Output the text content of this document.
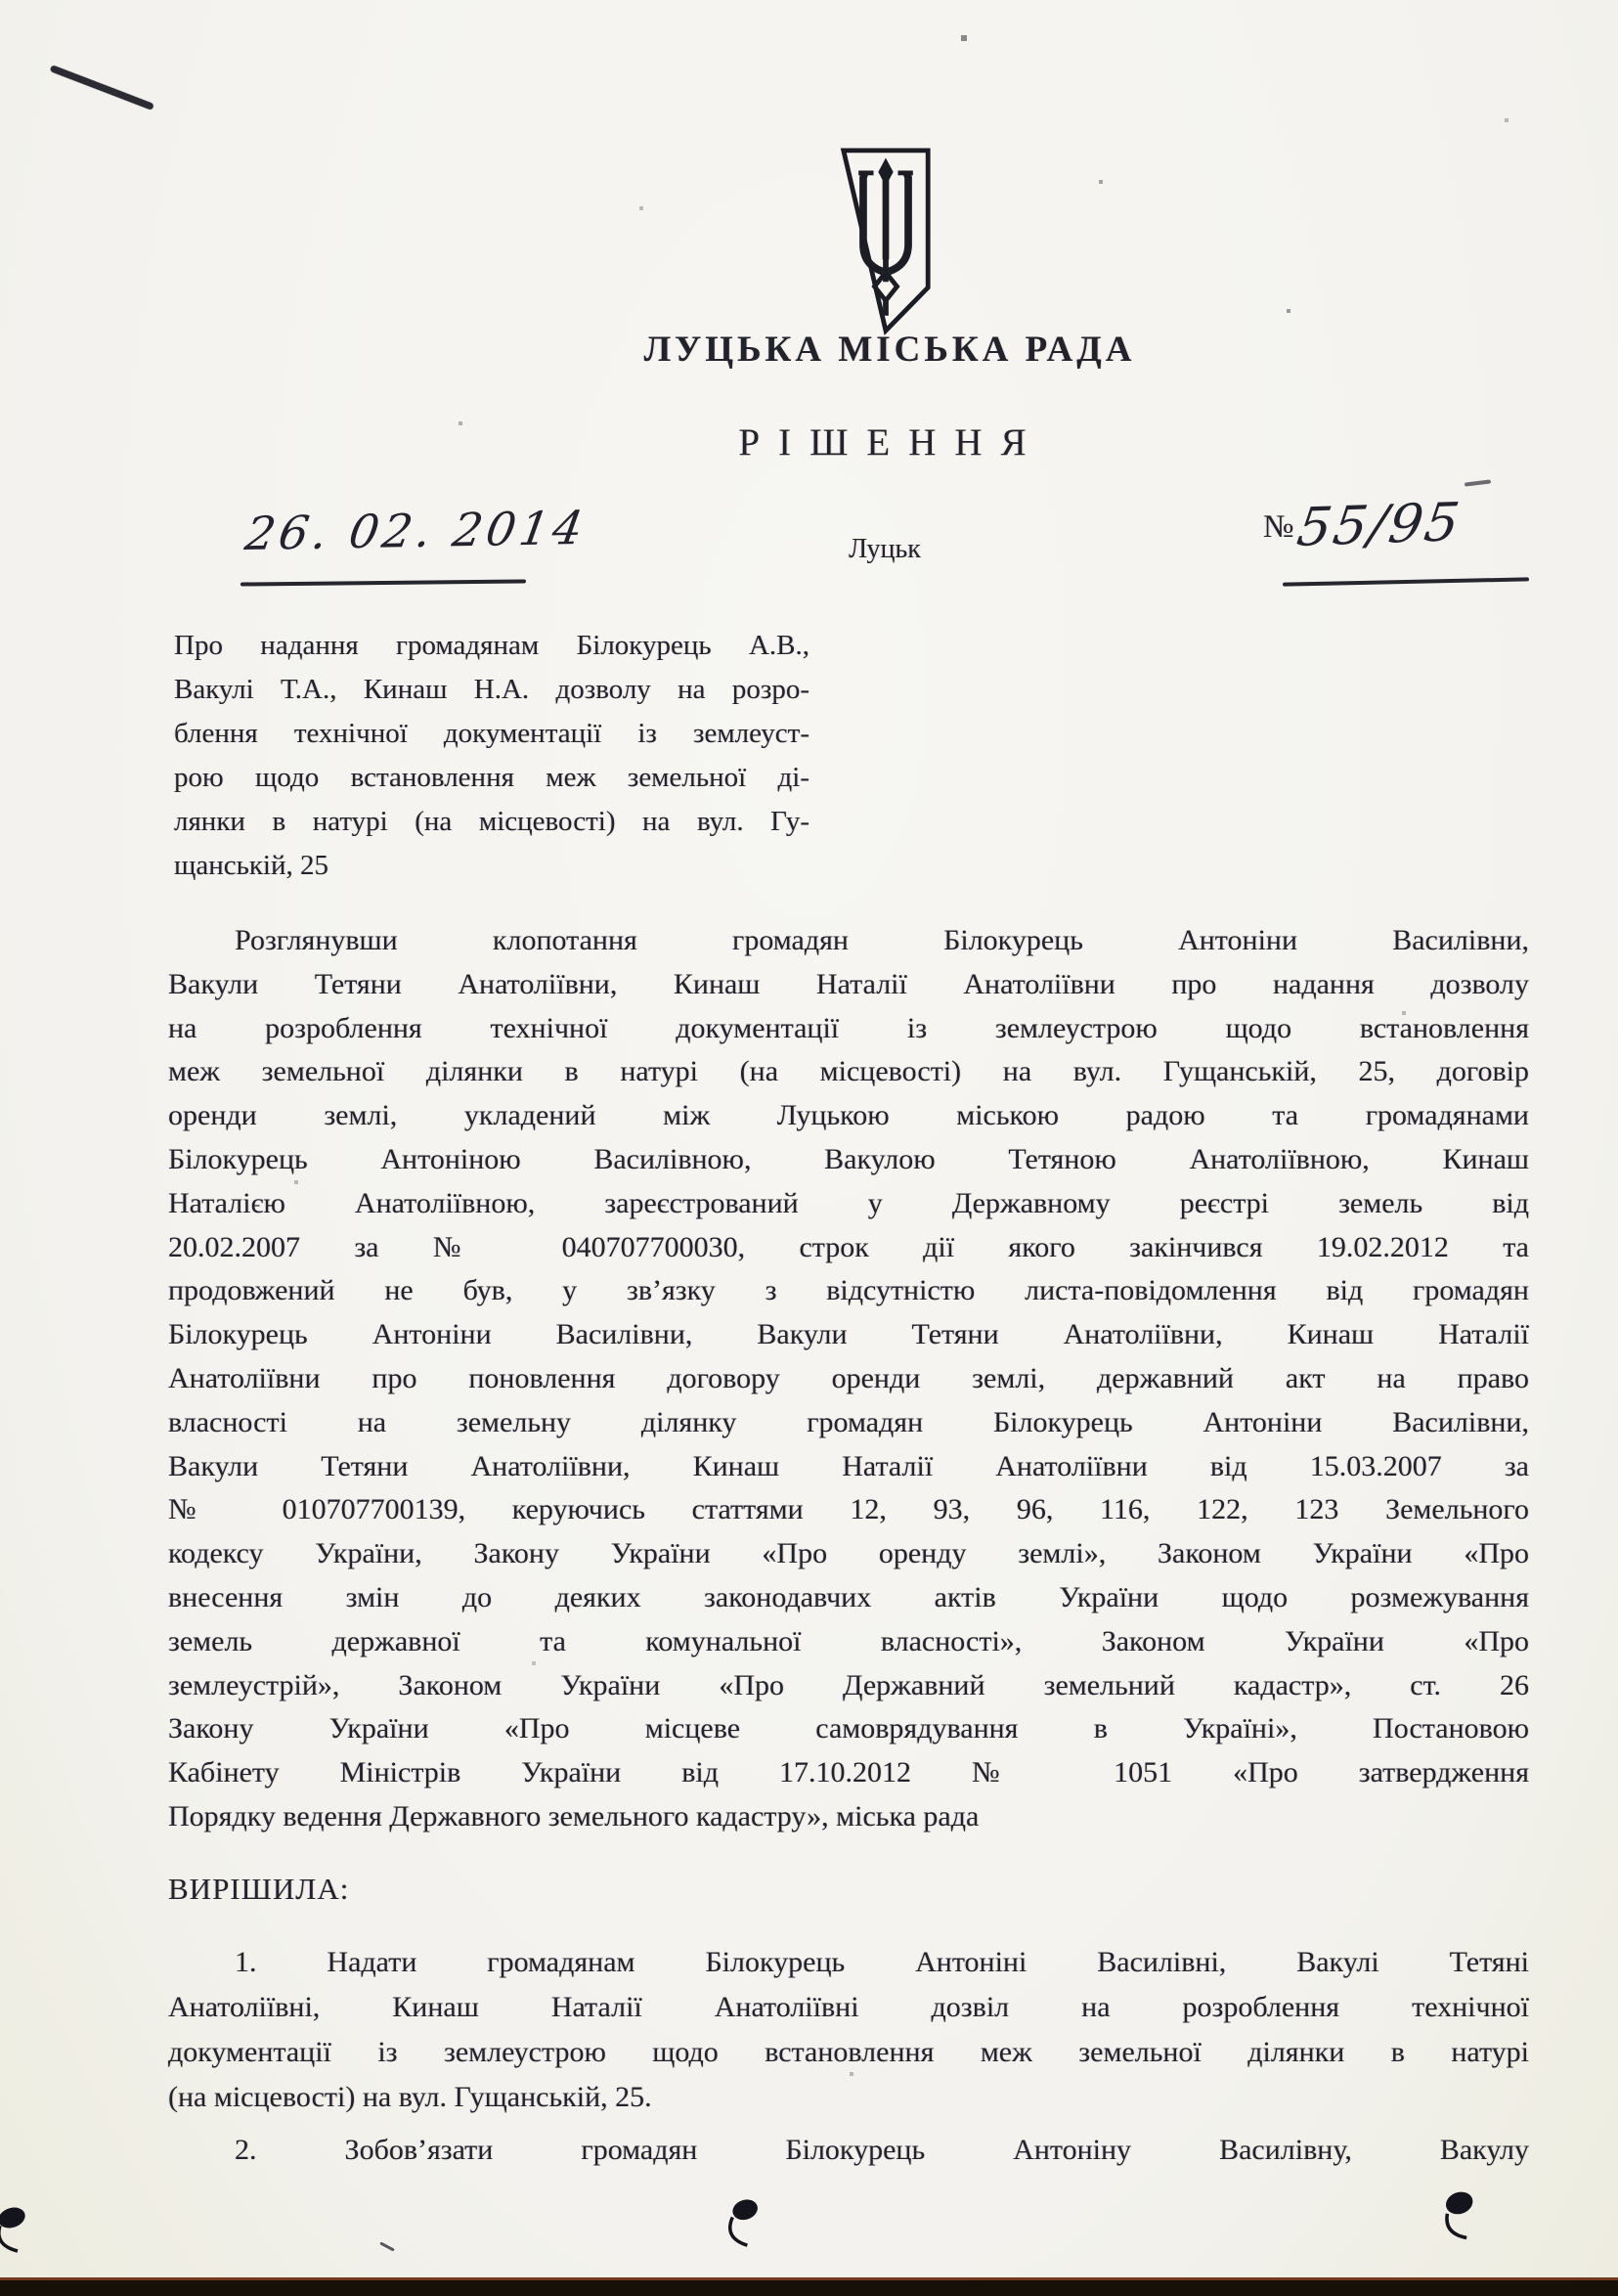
ЛУЦЬКА МІСЬКА РАДА
РІШЕННЯ
26. 02. 2014	Луцьк
№ 55/95
Про надання громадянам Білокурець А.В.,
Вакулі Т.А., Кинаш Н.А. дозволу на розро-
блення технічної документації із землеуст-
рою щодо встановлення меж земельної ді-
лянки в натурі (на місцевості) на вул. Гу-
щанській, 25
Розглянувши клопотання громадян Білокурець Антоніни Василівни,
Вакули Тетяни Анатоліївни, Кинаш Наталії Анатоліївни про надання дозволу
на розроблення технічної документації із землеустрою щодо встановлення
меж земельної ділянки в натурі (на місцевості) на вул. Гущанській, 25, договір
оренди землі, укладений між Луцькою міською радою та громадянами
Білокурець Антоніною Василівною, Вакулою Тетяною Анатоліївною, Кинаш
Наталією Анатоліївною, зареєстрований у Державному реєстрі земель від
20.02.2007 за № 040707700030, строк дії якого закінчився 19.02.2012 та
продовжений не був, у зв’язку з відсутністю листа-повідомлення від громадян
Білокурець Антоніни Василівни, Вакули Тетяни Анатоліївни, Кинаш Наталії
Анатоліївни про поновлення договору оренди землі, державний акт на право
власності на земельну ділянку громадян Білокурець Антоніни Василівни,
Вакули Тетяни Анатоліївни, Кинаш Наталії Анатоліївни від 15.03.2007 за
№ 010707700139, керуючись статтями 12, 93, 96, 116, 122, 123 Земельного
кодексу України, Закону України «Про оренду землі», Законом України «Про
внесення змін до деяких законодавчих актів України щодо розмежування
земель державної та комунальної власності», Законом України «Про
землеустрій», Законом України «Про Державний земельний кадастр», ст. 26
Закону України «Про місцеве самоврядування в Україні», Постановою
Кабінету Міністрів України від 17.10.2012 № 1051 «Про затвердження
Порядку ведення Державного земельного кадастру», міська рада
ВИРІШИЛА:
1. Надати громадянам Білокурець Антоніні Василівні, Вакулі Тетяні
Анатоліївні, Кинаш Наталії Анатоліївні дозвіл на розроблення технічної
документації із землеустрою щодо встановлення меж земельної ділянки в натурі
(на місцевості) на вул. Гущанській, 25.
2. Зобов’язати громадян Білокурець Антоніну Василівну, Вакулу
